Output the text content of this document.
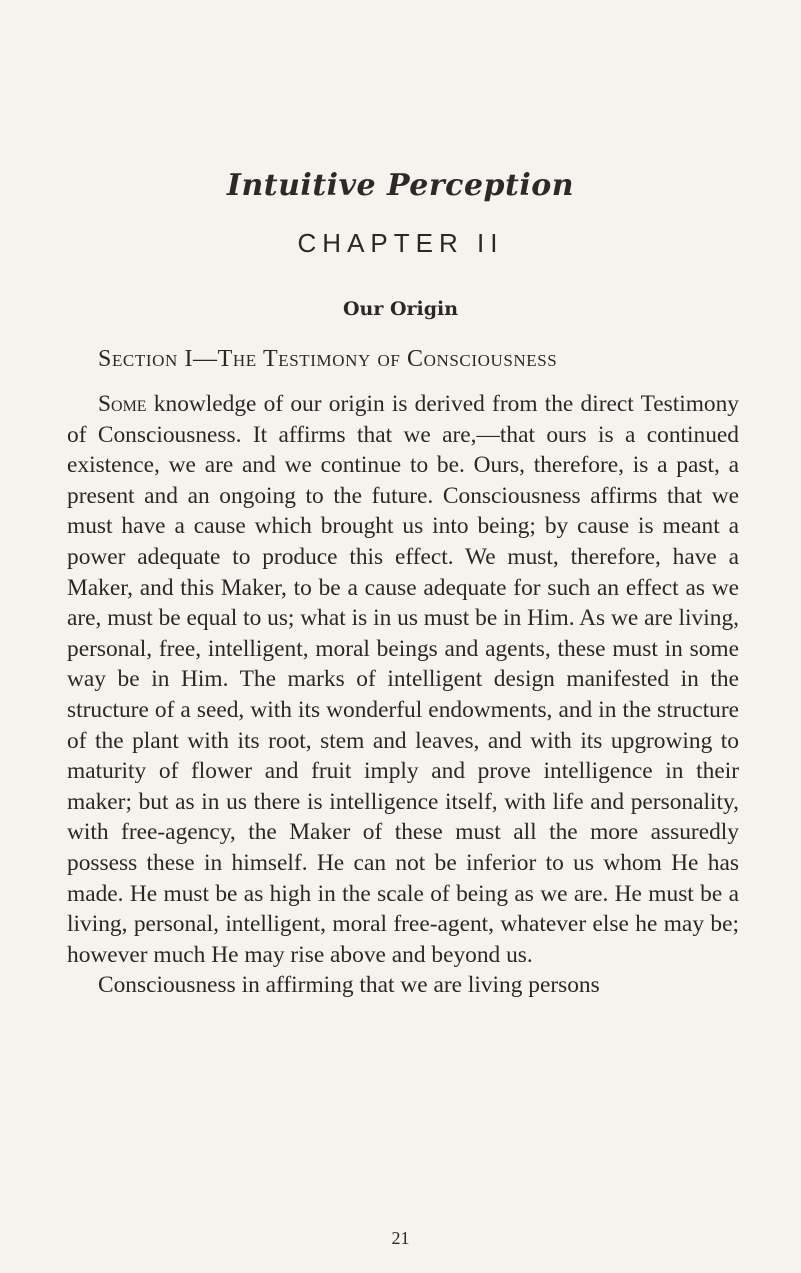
Intuitive Perception
CHAPTER II
Our Origin
Section I—The Testimony of Consciousness

Some knowledge of our origin is derived from the direct Testimony of Consciousness. It affirms that we are,—that ours is a continued existence, we are and we continue to be. Ours, therefore, is a past, a present and an ongoing to the future. Consciousness affirms that we must have a cause which brought us into being; by cause is meant a power adequate to produce this effect. We must, therefore, have a Maker, and this Maker, to be a cause adequate for such an effect as we are, must be equal to us; what is in us must be in Him. As we are living, personal, free, intelligent, moral beings and agents, these must in some way be in Him. The marks of intelligent design manifested in the structure of a seed, with its wonderful endowments, and in the structure of the plant with its root, stem and leaves, and with its upgrowing to maturity of flower and fruit imply and prove intelligence in their maker; but as in us there is intelligence itself, with life and personality, with free-agency, the Maker of these must all the more assuredly possess these in himself. He can not be inferior to us whom He has made. He must be as high in the scale of being as we are. He must be a living, personal, intelligent, moral free-agent, whatever else he may be; however much He may rise above and beyond us.

Consciousness in affirming that we are living persons

21
